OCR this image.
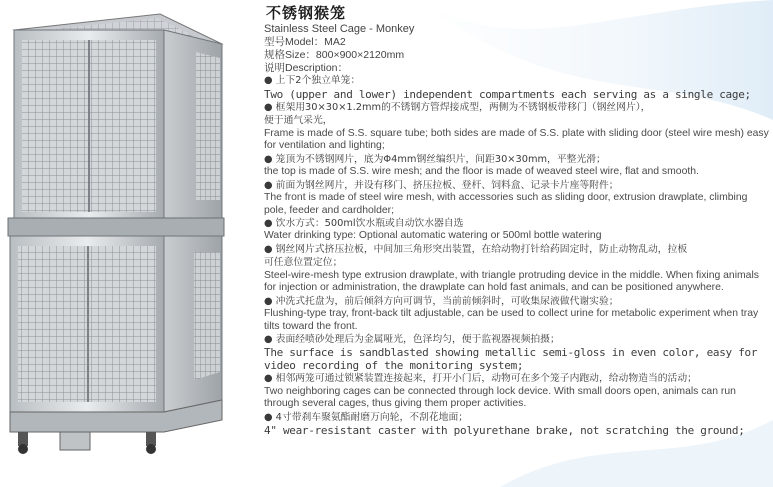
不锈钢猴笼
Stainless Steel Cage - Monkey
型号Model：MA2
规格Size：800×900×2120mm
说明Description：
● 上下2个独立单笼：
Two (upper and lower) independent compartments each serving as a single cage;
● 框架用30×30×1.2mm的不锈钢方管焊接成型，两侧为不锈钢板带移门（钢丝网片），
便于通气采光，
Frame is made of S.S. square tube; both sides are made of S.S. plate with sliding door (steel wire mesh) easy for ventilation and lighting;
● 笼顶为不锈钢网片，底为Φ4mm钢丝编织片，间距30×30mm，平整光滑；
the top is made of S.S. wire mesh; and the floor is made of weaved steel wire, flat and smooth.
● 前面为钢丝网片，并设有移门、挤压拉板、登杆、饲料盒、记录卡片座等附件；
The front is made of steel wire mesh, with accessories such as sliding door, extrusion drawplate, climbing pole, feeder and cardholder;
● 饮水方式：500ml饮水瓶或自动饮水器自选
Water drinking type: Optional automatic watering or 500ml bottle watering
● 钢丝网片式挤压拉板，中间加三角形突出装置，在给动物打针给药固定时，防止动物乱动，拉板
可任意位置定位；
Steel-wire-mesh type extrusion drawplate, with triangle protruding device in the middle. When fixing animals for injection or administration, the drawplate can hold fast animals, and can be positioned anywhere.
● 冲洗式托盘为，前后倾斜方向可调节，当前前倾斜时，可收集尿液做代谢实验；
Flushing-type tray, front-back tilt adjustable, can be used to collect urine for metabolic experiment when tray tilts toward the front.
● 表面经喷砂处理后为金属哑光，色泽均匀，便于监视器视频拍摄；
The surface is sandblasted showing metallic semi-gloss in even color, easy for video recording of the monitoring system;
● 相邻两笼可通过锁紧装置连接起来，打开小门后，动物可在多个笼子内跑动，给动物造当的活动；
Two neighboring cages can be connected through lock device. With small doors open, animals can run through several cages, thus giving them proper activities.
● 4寸带刹车聚氨酯耐磨万向轮，不刮花地面；
4" wear-resistant caster with polyurethane brake, not scratching the ground;
